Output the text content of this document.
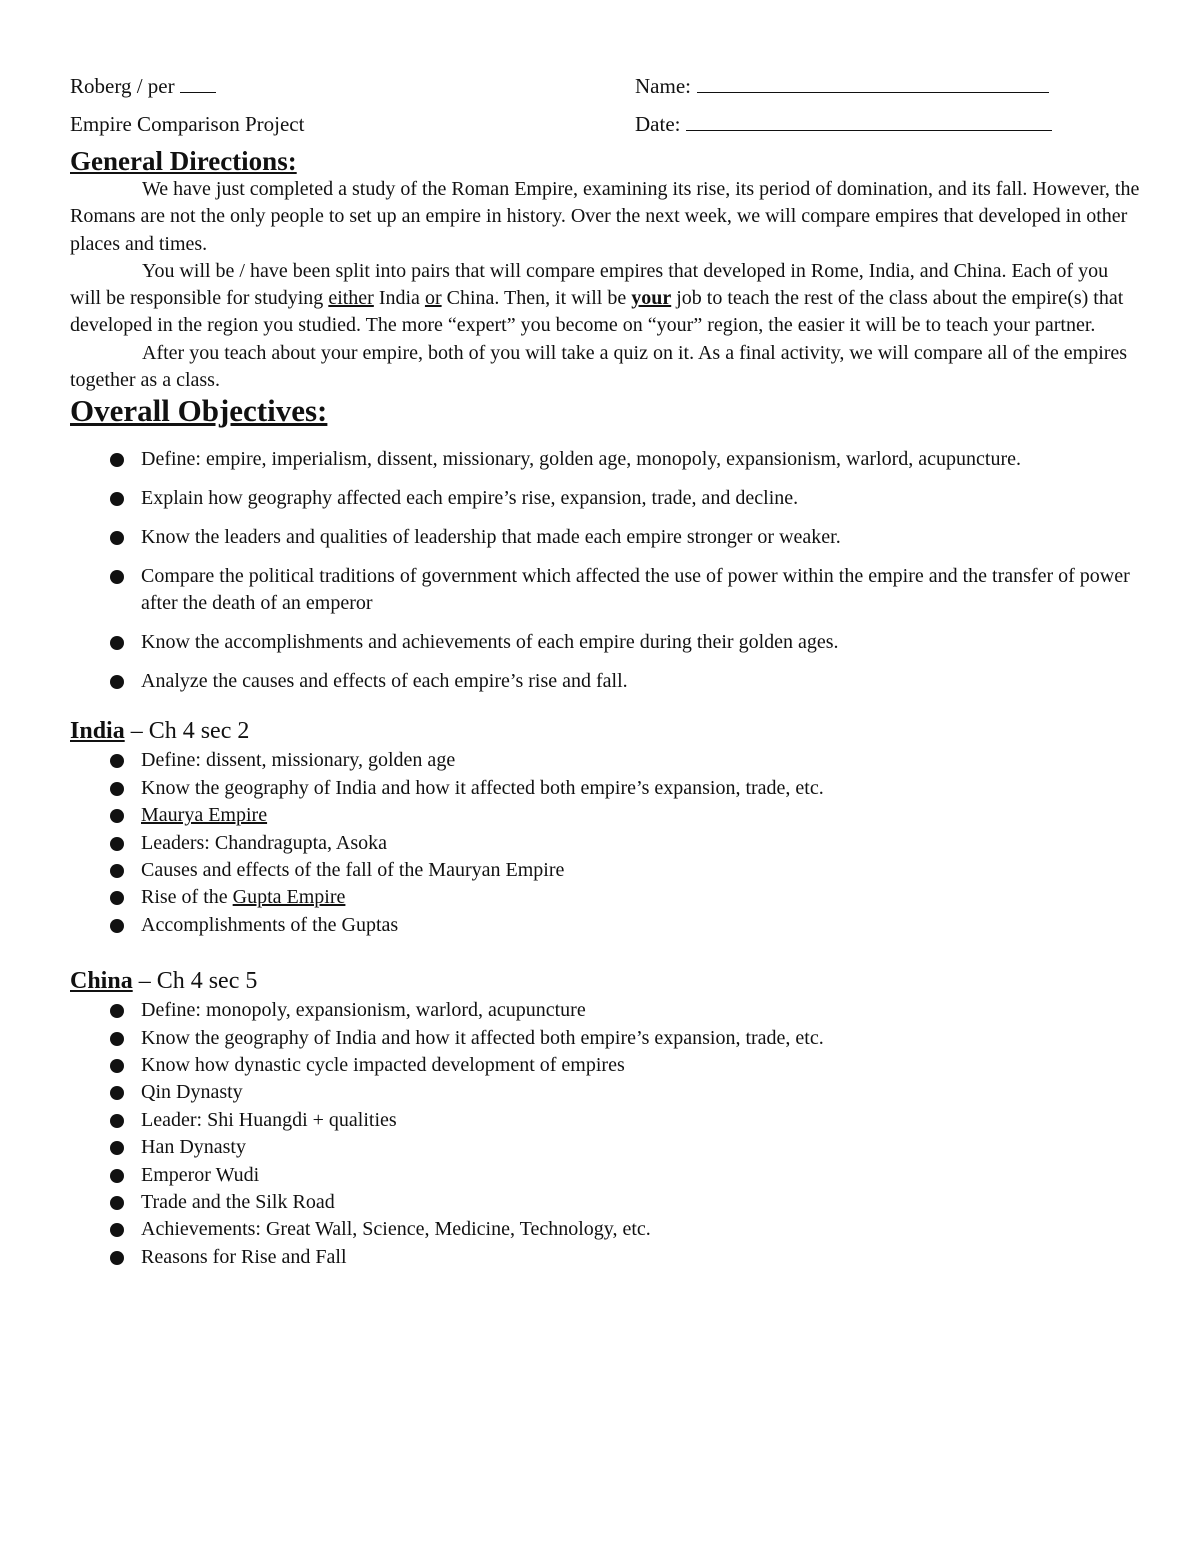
Roberg / per	Name:
Empire Comparison Project	Date:
General Directions:

We have just completed a study of the Roman Empire, examining its rise, its period of domination, and its fall. However, the Romans are not the only people to set up an empire in history. Over the next week, we will compare empires that developed in other places and times.

You will be / have been split into pairs that will compare empires that developed in Rome, India, and China. Each of you will be responsible for studying either India or China. Then, it will be your job to teach the rest of the class about the empire(s) that developed in the region you studied. The more “expert” you become on “your” region, the easier it will be to teach your partner.

After you teach about your empire, both of you will take a quiz on it. As a final activity, we will compare all of the empires together as a class.

Overall Objectives:
Define: empire, imperialism, dissent, missionary, golden age, monopoly, expansionism, warlord, acupuncture.
Explain how geography affected each empire’s rise, expansion, trade, and decline.
Know the leaders and qualities of leadership that made each empire stronger or weaker.
Compare the political traditions of government which affected the use of power within the empire and the transfer of power after the death of an emperor
Know the accomplishments and achievements of each empire during their golden ages.
Analyze the causes and effects of each empire’s rise and fall.
India – Ch 4 sec 2
Define: dissent, missionary, golden age
Know the geography of India and how it affected both empire’s expansion, trade, etc.
Maurya Empire
Leaders: Chandragupta, Asoka
Causes and effects of the fall of the Mauryan Empire
Rise of the Gupta Empire
Accomplishments of the Guptas
China – Ch 4 sec 5
Define: monopoly, expansionism, warlord, acupuncture
Know the geography of India and how it affected both empire’s expansion, trade, etc.
Know how dynastic cycle impacted development of empires
Qin Dynasty
Leader: Shi Huangdi + qualities
Han Dynasty
Emperor Wudi
Trade and the Silk Road
Achievements: Great Wall, Science, Medicine, Technology, etc.
Reasons for Rise and Fall
